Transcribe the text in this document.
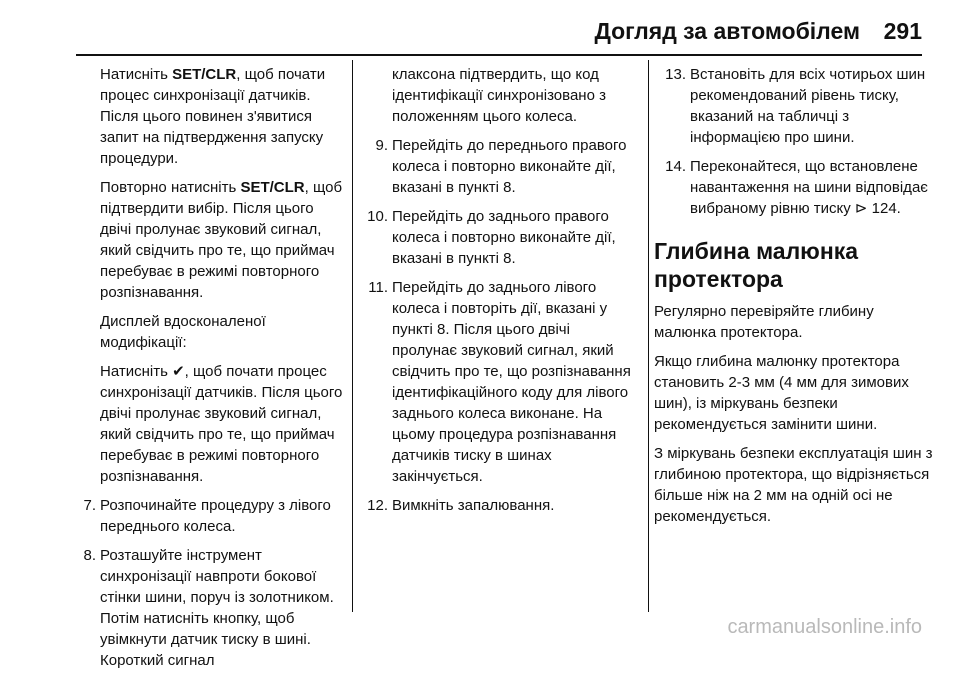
Догляд за автомобілем 291

Натисніть SET/CLR, щоб почати процес синхронізації датчиків. Після цього повинен з'явитися запит на підтвердження запуску процедури.

Повторно натисніть SET/CLR, щоб підтвердити вибір. Після цього двічі пролунає звуковий сигнал, який свідчить про те, що приймач перебуває в режимі повторного розпізнавання.

Дисплей вдосконаленої модифікації:

Натисніть ✔, щоб почати процес синхронізації датчиків. Після цього двічі пролунає звуковий сигнал, який свідчить про те, що приймач перебуває в режимі повторного розпізнавання.

7. Розпочинайте процедуру з лівого переднього колеса.
8. Розташуйте інструмент синхронізації навпроти бокової стінки шини, поруч із золотником. Потім натисніть кнопку, щоб увімкнути датчик тиску в шині. Короткий сигнал

клаксона підтвердить, що код ідентифікації синхронізовано з положенням цього колеса.

9. Перейдіть до переднього правого колеса і повторно виконайте дії, вказані в пункті 8.
10. Перейдіть до заднього правого колеса і повторно виконайте дії, вказані в пункті 8.
11. Перейдіть до заднього лівого колеса і повторіть дії, вказані у пункті 8. Після цього двічі пролунає звуковий сигнал, який свідчить про те, що розпізнавання ідентифікаційного коду для лівого заднього колеса виконане. На цьому процедура розпізнавання датчиків тиску в шинах закінчується.
12. Вимкніть запалювання.
13. Встановіть для всіх чотирьох шин рекомендований рівень тиску, вказаний на табличці з інформацією про шини.
14. Переконайтеся, що встановлене навантаження на шини відповідає вибраному рівню тиску ⊳ 124.
Глибина малюнка протектора

Регулярно перевіряйте глибину малюнка протектора.

Якщо глибина малюнку протектора становить 2-3 мм (4 мм для зимових шин), із міркувань безпеки рекомендується замінити шини.

З міркувань безпеки експлуатація шин з глибиною протектора, що відрізняється більше ніж на 2 мм на одній осі не рекомендується.

carmanualsonline.info
